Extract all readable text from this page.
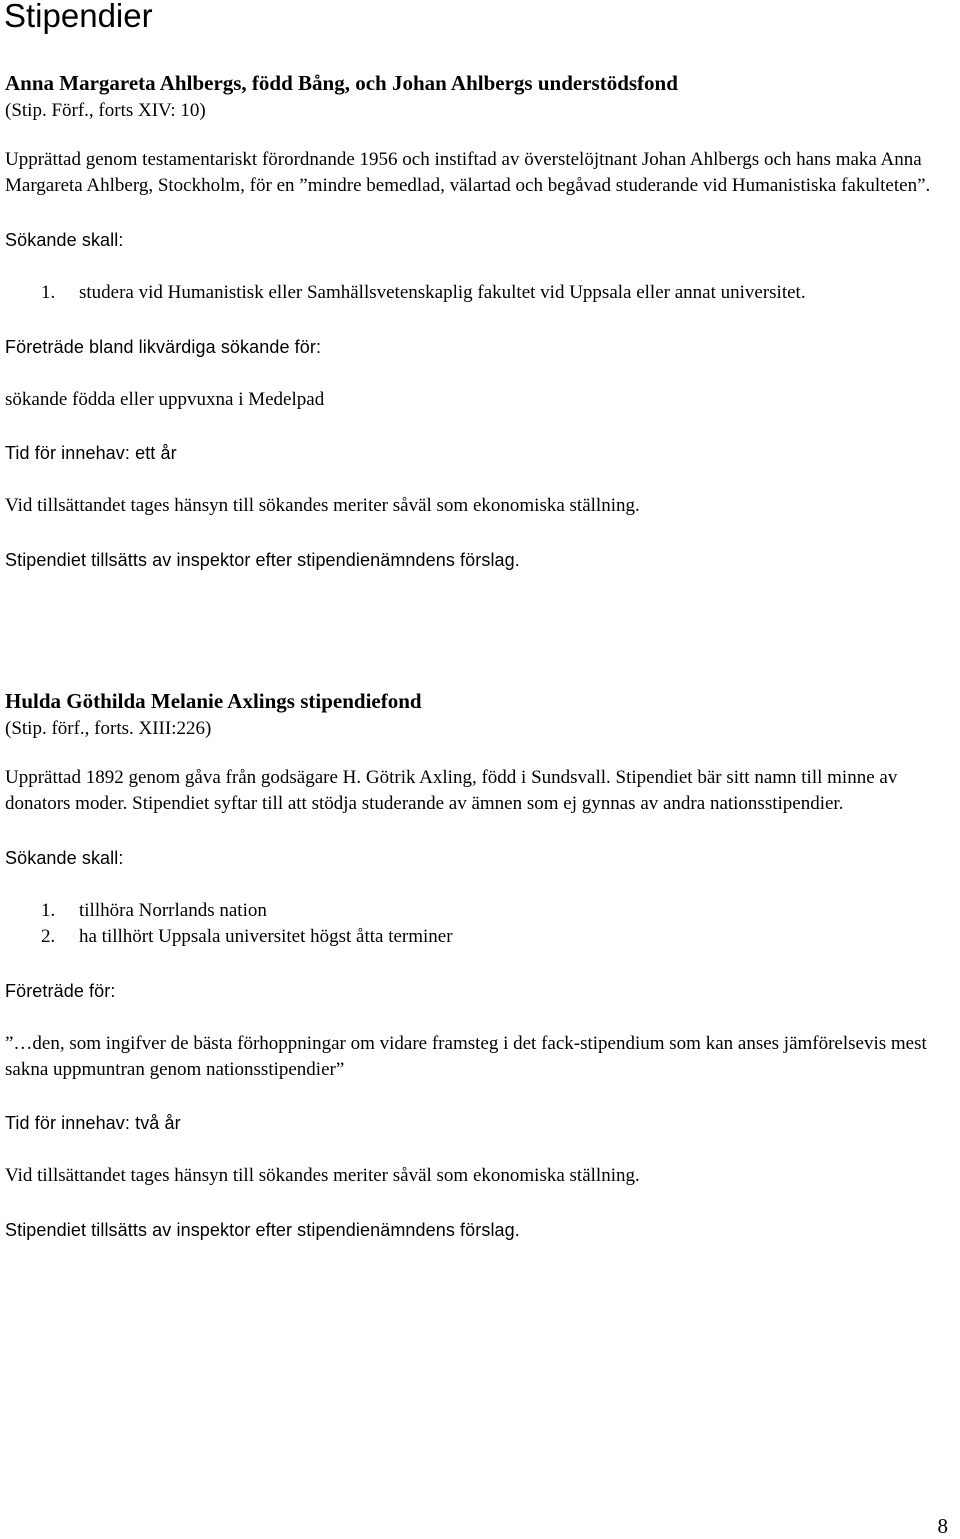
Stipendier
Anna Margareta Ahlbergs, född Bång, och Johan Ahlbergs understödsfond

(Stip. Förf., forts XIV: 10)

Upprättad genom testamentariskt förordnande 1956 och instiftad av överstelöjtnant Johan Ahlbergs och hans maka Anna Margareta Ahlberg, Stockholm, för en ”mindre bemedlad, välartad och begåvad studerande vid Humanistiska fakulteten”.

Sökande skall:

1. studera vid Humanistisk eller Samhällsvetenskaplig fakultet vid Uppsala eller annat universitet.

Företräde bland likvärdiga sökande för:

sökande födda eller uppvuxna i Medelpad

Tid för innehav: ett år

Vid tillsättandet tages hänsyn till sökandes meriter såväl som ekonomiska ställning.

Stipendiet tillsätts av inspektor efter stipendienämndens förslag.

Hulda Göthilda Melanie Axlings stipendiefond

(Stip. förf., forts. XIII:226)

Upprättad 1892 genom gåva från godsägare H. Götrik Axling, född i Sundsvall. Stipendiet bär sitt namn till minne av donators moder. Stipendiet syftar till att stödja studerande av ämnen som ej gynnas av andra nationsstipendier.

Sökande skall:

1. tillhöra Norrlands nation
2. ha tillhört Uppsala universitet högst åtta terminer

Företräde för:

”…den, som ingifver de bästa förhoppningar om vidare framsteg i det fack-stipendium som kan anses jämförelsevis mest sakna uppmuntran genom nationsstipendier”

Tid för innehav: två år

Vid tillsättandet tages hänsyn till sökandes meriter såväl som ekonomiska ställning.

Stipendiet tillsätts av inspektor efter stipendienämndens förslag.

8
